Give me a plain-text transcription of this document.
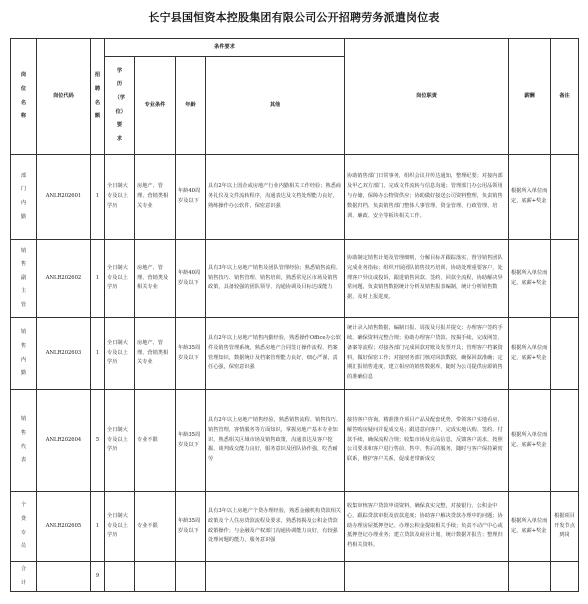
长宁县国恒资本控股集团有限公司公开招聘劳务派遣岗位表
岗位名称	岗位代码	招聘名额	条件要求				岗位职责	薪酬	备注
			学历（学位）要求	专业条件	年龄	其他			
部门内勤	ANLR202601	1	全日制大专及以上学历	房地产、管理、营销类相关专业	年龄40周岁及以下	具有2年以上国企或房地产行业内勤相关工作经验；熟悉商务礼仪及文件流转程序，沟通表达及文档处理能力良好，熟练操作办公软件，保密意识强	协助销售部门日常事务，组织会议并传达通知，整理纪要；对接内部及甲乙双方部门，完成文件流转与信息沟通；管理部门办公用品领用与存储，保障办公物资供应；协助做好接送公司资料整理，负责销售数据归档、负责销售部门整体人事管理、资金管理、行政管理、培训、廉政、安全等板块相关工作。	根据所入单位而定，底薪+奖金	
销售副主管	ANLR202602	1	全日制大专及以上学历	房地产、管理、营销类及相关专业	年龄40周岁及以下	具有3年以上房地产销售及团队管理经验；熟悉销售流程、销售技巧、销售管理、销售培训，熟悉常见区市场及销售政策，具备较强的团队领导、沟通协调及目标达成能力	协助制定销售计划及管理细则，分解目标并跟踪落实，督导销售团队完成业务指标；组织开展团队销售技巧培训，协助处理重要客户，处理客户异议或投诉，跟进销售回款、签约、回款全流程，协助解决异常问题，负责销售数据统计分析及销售报表编制，统计分析销售数据，及时上报进度。	根据所入单位而定，底薪+奖金	
销售内勤	ANLR202603	1	全日制大专及以上学历	房地产、管理、营销类相关专业	年龄35周岁及以下	具有2年以上房地产销售内勤经验，熟悉操作Office办公软件及销售管理系统，熟悉房地产合同签订操作流程、档案管理知识，数据统计及档案管理能力良好，细心严谨，责任心强，保密意识强	统计录入销售数据，编制日报、周报及月报并提交；办理客户签约手续，确保资料完整合规；协助办理客户贷款、按揭手续，完成网签、备案等流程；对接各部门完成回款对账及发票开具；管理客户档案资料，做好保密工作；对接财务部门核对回款数据，确保回款准确；定期汇报销售进度，建立相应的销售数据库，随时为公司提供房源销售的准确信息	根据所入单位而定，底薪+奖金	
销售代表	ANLR202604	5	全日制大专及以上学历	专业不限	年龄35周岁及以下	具有2年以上房地产销售经验，熟悉销售流程、销售技巧、销售管理，客情服务等方面知识，掌握房地产基本专业知识，熟悉相关区域市场及销售政策，沟通表达及客户挖掘、谈判成交能力良好，服务意识及团队协作强，吃苦耐劳	接待客户咨询，精准推介项目产品及配套优势，带领客户实地看房，解答购房疑问并促成交易；跟进意向客户，完成实地认购、签约、付款手续，确保流程合规；收集市场及竞品信息，反馈客户需求，按照公司要求和客户进行售前、售中、售后的服务，随时与客户保持紧密联系，维护客户关系，促成老带新成交	根据所入单位而定，底薪+奖金	
个贷专员	ANLR202605	1	全日制大专及以上学历	专业不限	年龄35周岁及以下	具有3年以上房地产个贷办理经验，熟悉金融机构贷款相关政策及个人住房贷款流程及要求，熟悉按揭及公积金贷款政策操作；与金融及产权部门沟通协调能力良好，有较强处理问题的能力，服务意识强	收集审核客户贷款申请资料，确保真实完整，对接银行、公积金中心，跟踪贷款审批及放款进度；协助客户解决贷款办理中的问题；协助办理房屋抵押登记、办理公积金提取相关手续；负责不动产中心或抵押登记办理业务；建立贷款及商业计划，统计数据并报告；整理归档相关资料。	根据所入单位而定，底薪+奖金	根据项目开发节点到岗
合计		9							
